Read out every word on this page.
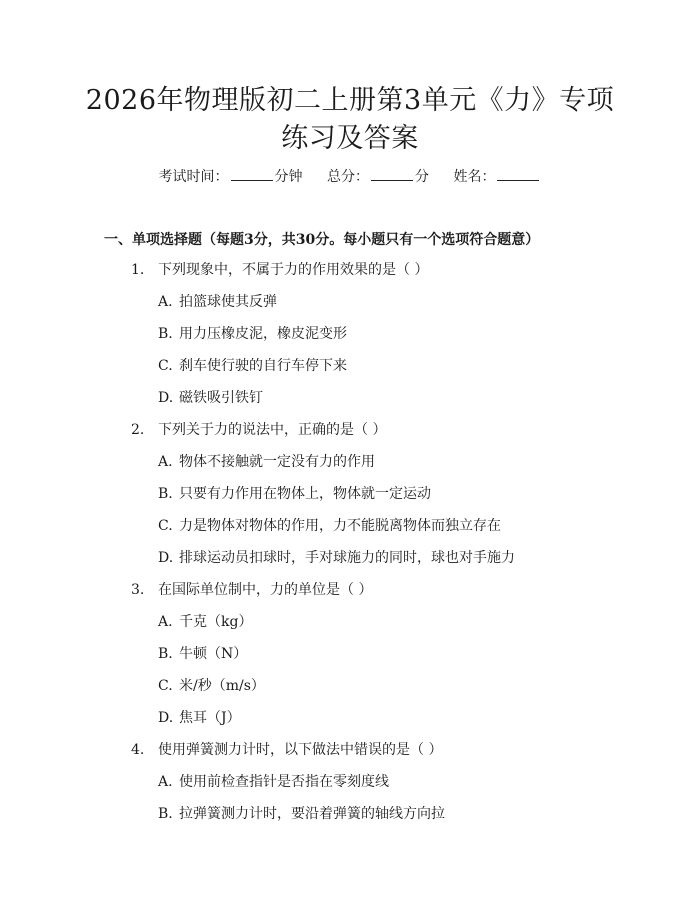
2026年物理版初二上册第3单元《力》专项
练习及答案
考试时间：	分钟 总分：	分 姓名：
一、单项选择题（每题3分，共30分。每小题只有一个选项符合题意）
1. 下列现象中，不属于力的作用效果的是（ ）
A. 拍篮球使其反弹
B. 用力压橡皮泥，橡皮泥变形
C. 刹车使行驶的自行车停下来
D. 磁铁吸引铁钉
2. 下列关于力的说法中，正确的是（ ）
A. 物体不接触就一定没有力的作用
B. 只要有力作用在物体上，物体就一定运动
C. 力是物体对物体的作用，力不能脱离物体而独立存在
D. 排球运动员扣球时，手对球施力的同时，球也对手施力
3. 在国际单位制中，力的单位是（ ）
A. 千克（kg）
B. 牛顿（N）
C. 米/秒（m/s）
D. 焦耳（J）
4. 使用弹簧测力计时，以下做法中错误的是（ ）
A. 使用前检查指针是否指在零刻度线
B. 拉弹簧测力计时，要沿着弹簧的轴线方向拉
